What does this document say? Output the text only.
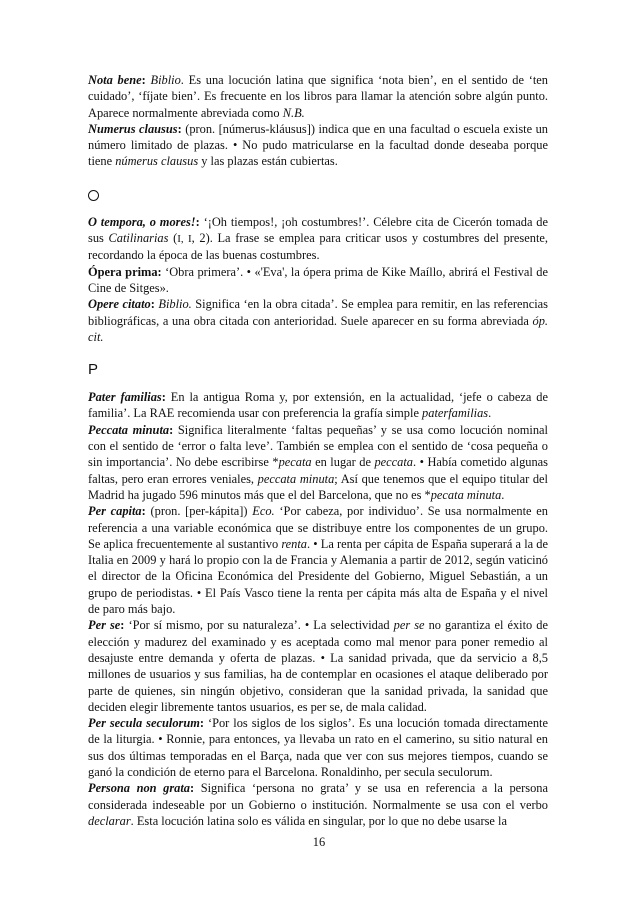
Nota bene: Biblio. Es una locución latina que significa ‘nota bien’, en el sentido de ‘ten cuidado’, ‘fíjate bien’. Es frecuente en los libros para llamar la atención sobre algún punto. Aparece normalmente abreviada como N.B.

Numerus clausus: (pron. [númerus-kláusus]) indica que en una facultad o escuela existe un número limitado de plazas. • No pudo matricularse en la facultad donde deseaba porque tiene númerus clausus y las plazas están cubiertas.

O tempora, o mores!: ‘¡Oh tiempos!, ¡oh costumbres!’. Célebre cita de Cicerón tomada de sus Catilinarias (I, I, 2). La frase se emplea para criticar usos y costumbres del presente, recordando la época de las buenas costumbres.

Ópera prima: ‘Obra primera’. • «'Eva', la ópera prima de Kike Maíllo, abrirá el Festival de Cine de Sitges».

Opere citato: Biblio. Significa ‘en la obra citada’. Se emplea para remitir, en las referencias bibliográficas, a una obra citada con anterioridad. Suele aparecer en su forma abreviada óp. cit.

P

Pater familias: En la antigua Roma y, por extensión, en la actualidad, ‘jefe o cabeza de familia’. La RAE recomienda usar con preferencia la grafía simple paterfamilias.

Peccata minuta: Significa literalmente ‘faltas pequeñas’ y se usa como locución nominal con el sentido de ‘error o falta leve’. También se emplea con el sentido de ‘cosa pequeña o sin importancia’. No debe escribirse *pecata en lugar de peccata. • Había cometido algunas faltas, pero eran errores veniales, peccata minuta; Así que tenemos que el equipo titular del Madrid ha jugado 596 minutos más que el del Barcelona, que no es *pecata minuta.

Per capita: (pron. [per-kápita]) Eco. ‘Por cabeza, por individuo’. Se usa normalmente en referencia a una variable económica que se distribuye entre los componentes de un grupo. Se aplica frecuentemente al sustantivo renta. • La renta per cápita de España superará a la de Italia en 2009 y hará lo propio con la de Francia y Alemania a partir de 2012, según vaticinó el director de la Oficina Económica del Presidente del Gobierno, Miguel Sebastián, a un grupo de periodistas. • El País Vasco tiene la renta per cápita más alta de España y el nivel de paro más bajo.

Per se: ‘Por sí mismo, por su naturaleza’. • La selectividad per se no garantiza el éxito de elección y madurez del examinado y es aceptada como mal menor para poner remedio al desajuste entre demanda y oferta de plazas. • La sanidad privada, que da servicio a 8,5 millones de usuarios y sus familias, ha de contemplar en ocasiones el ataque deliberado por parte de quienes, sin ningún objetivo, consideran que la sanidad privada, la sanidad que deciden elegir libremente tantos usuarios, es per se, de mala calidad.

Per secula seculorum: ‘Por los siglos de los siglos’. Es una locución tomada directamente de la liturgia. • Ronnie, para entonces, ya llevaba un rato en el camerino, su sitio natural en sus dos últimas temporadas en el Barça, nada que ver con sus mejores tiempos, cuando se ganó la condición de eterno para el Barcelona. Ronaldinho, per secula seculorum.

Persona non grata: Significa ‘persona no grata’ y se usa en referencia a la persona considerada indeseable por un Gobierno o institución. Normalmente se usa con el verbo declarar. Esta locución latina solo es válida en singular, por lo que no debe usarse la

16
